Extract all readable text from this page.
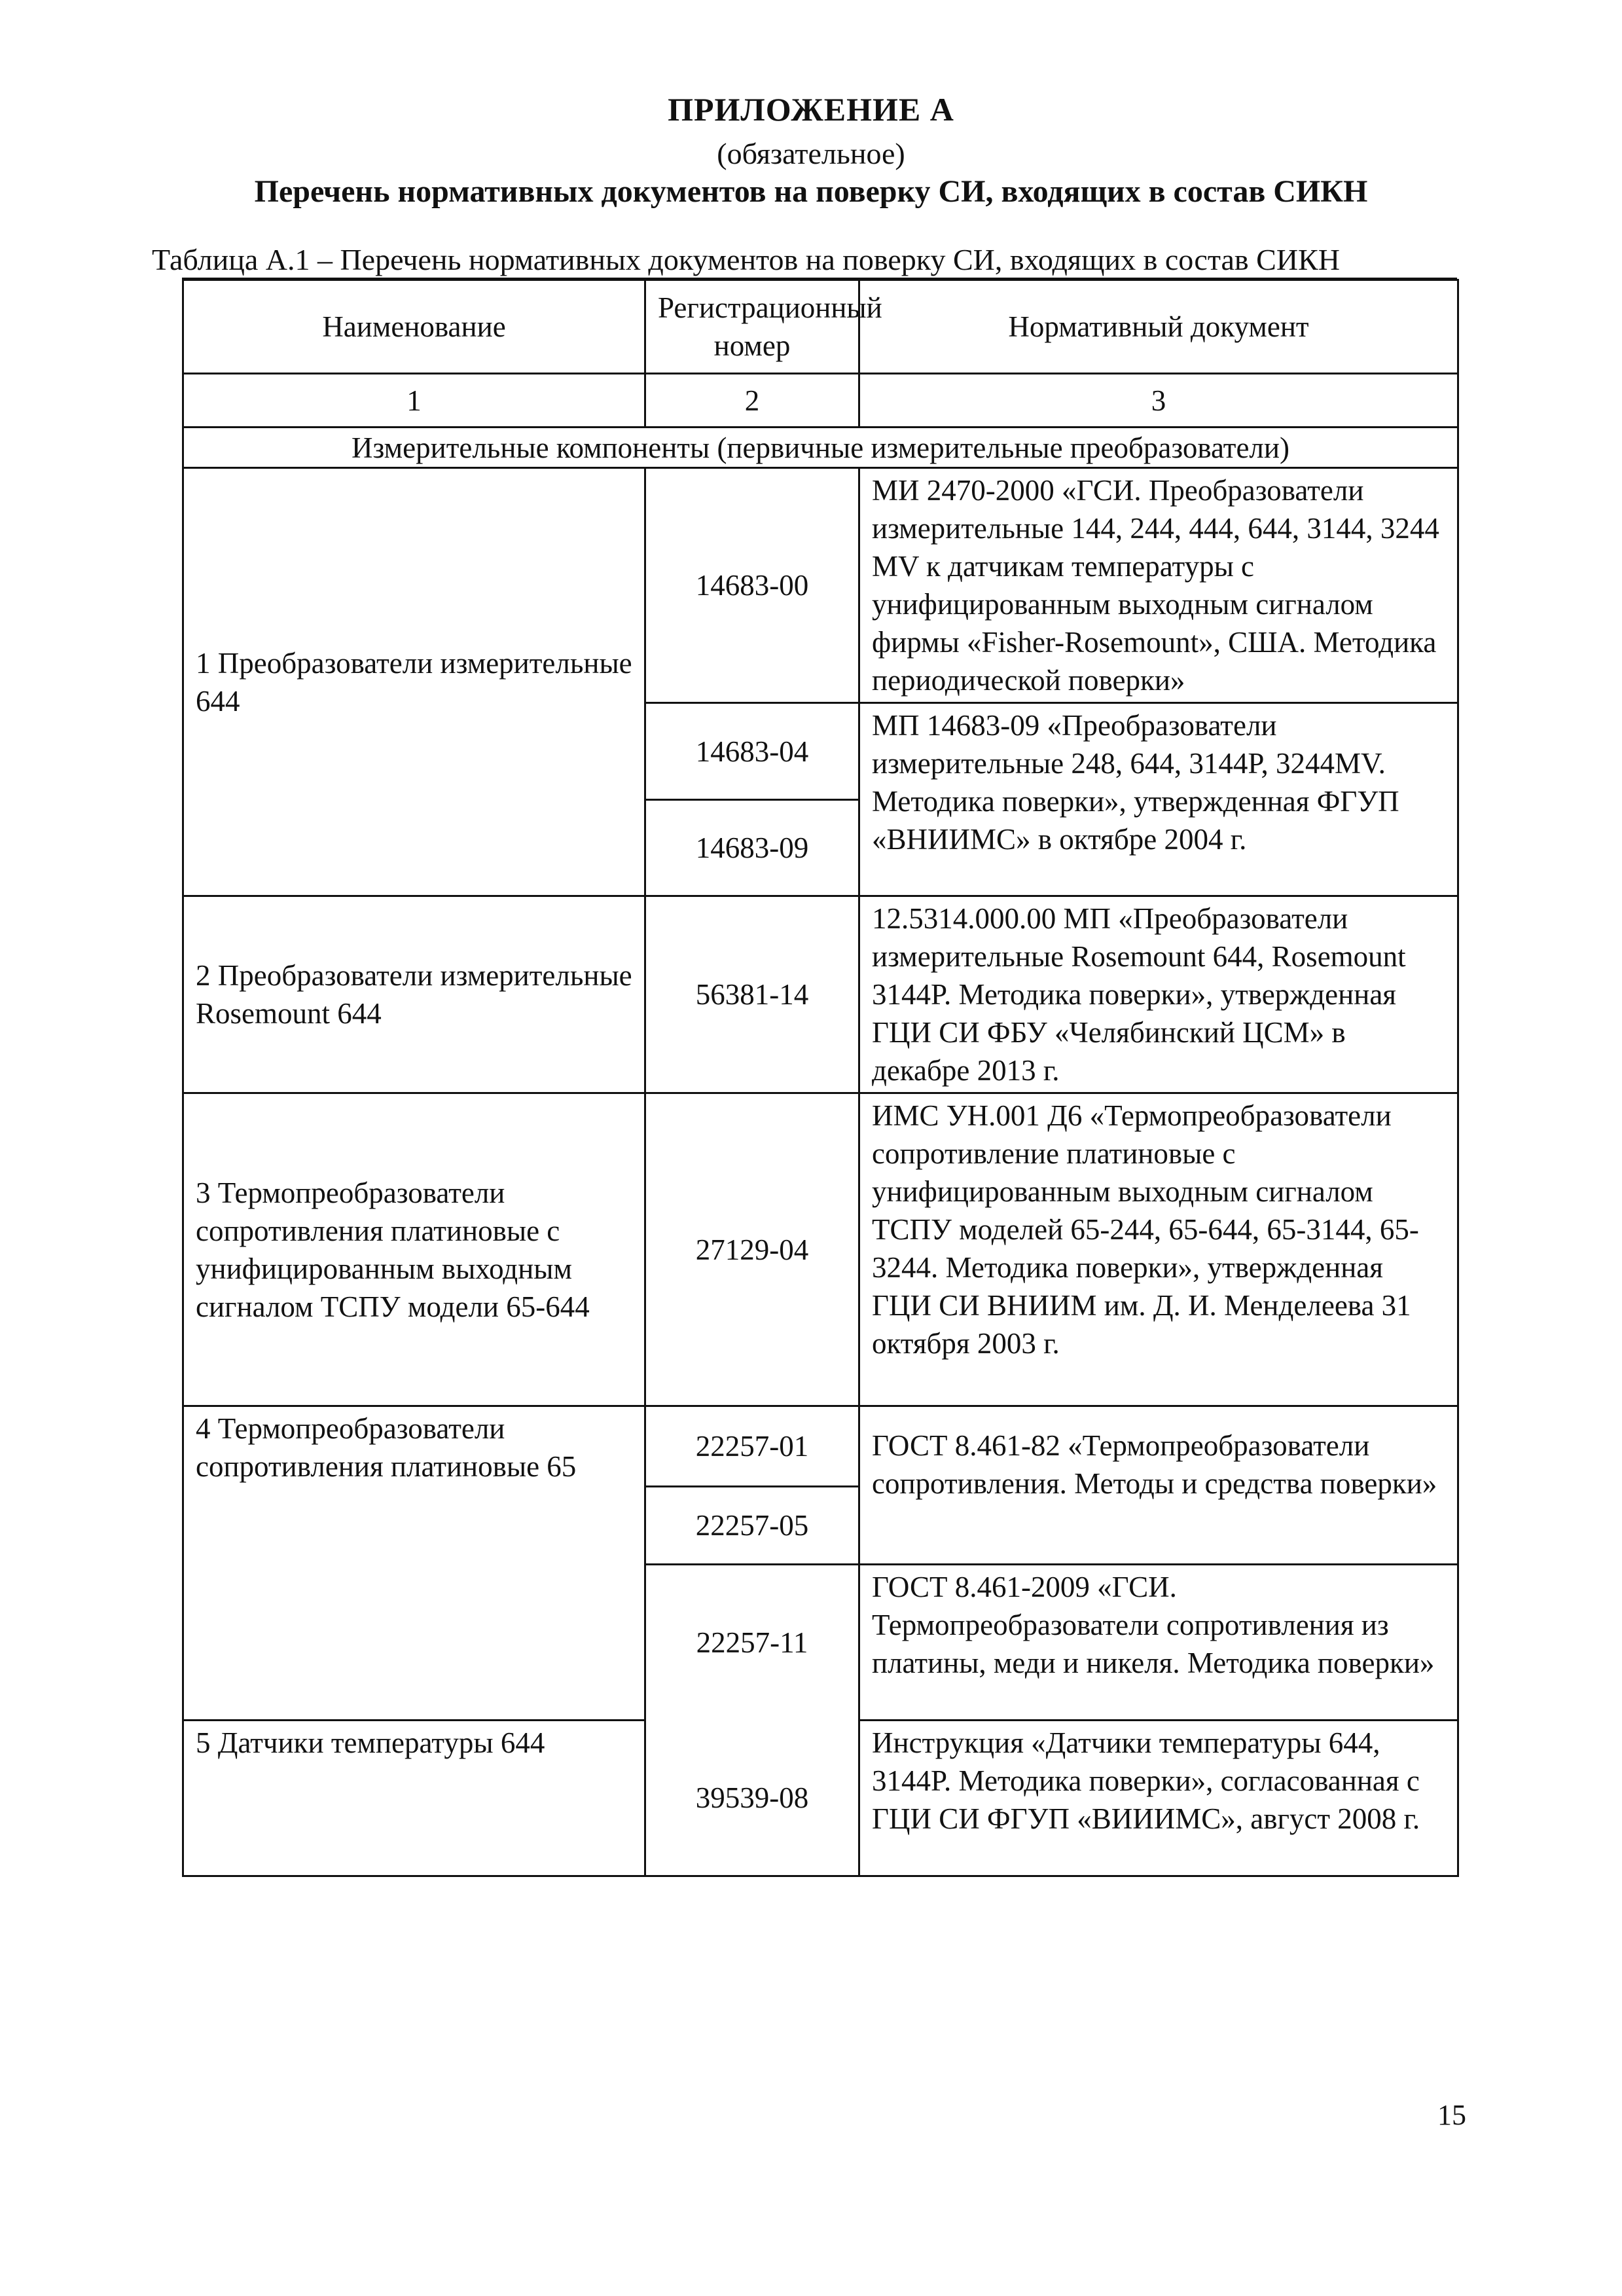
ПРИЛОЖЕНИЕ А
(обязательное)
Перечень нормативных документов на поверку СИ, входящих в состав СИКН
Таблица А.1 – Перечень нормативных документов на поверку СИ, входящих в состав СИКН
Наименование	Регистрационный номер	Нормативный документ
1	2	3
Измерительные компоненты (первичные измерительные преобразователи)		
1 Преобразователи измерительные 644	14683-00	МИ 2470-2000 «ГСИ. Преобразователи измерительные 144, 244, 444, 644, 3144, 3244 MV к датчикам температуры с унифицированным выходным сигналом фирмы «Fisher-Rosemount», США. Методика периодической поверки»
	14683-04	МП 14683-09 «Преобразователи измерительные 248, 644, 3144P, 3244MV. Методика поверки», утвержденная ФГУП «ВНИИМС» в октябре 2004 г.
	14683-09	
2 Преобразователи измерительные Rosemount 644	56381-14	12.5314.000.00 МП «Преобразователи измерительные Rosemount 644, Rosemount 3144P. Методика поверки», утвержденная ГЦИ СИ ФБУ «Челябинский ЦСМ» в декабре 2013 г.
3 Термопреобразователи сопротивления платиновые с унифицированным выходным сигналом ТСПУ модели 65-644	27129-04	ИМС УН.001 Д6 «Термопреобразователи сопротивление платиновые с унифицированным выходным сигналом ТСПУ моделей 65-244, 65-644, 65-3144, 65-3244. Методика поверки», утвержденная ГЦИ СИ ВНИИМ им. Д. И. Менделеева 31 октября 2003 г.
4 Термопреобразователи сопротивления платиновые 65	22257-01	ГОСТ 8.461-82 «Термопреобразователи сопротивления. Методы и средства поверки»
	22257-05	
	22257-11	ГОСТ 8.461-2009 «ГСИ. Термопреобразователи сопротивления из платины, меди и никеля. Методика поверки»
5 Датчики температуры 644	39539-08	Инструкция «Датчики температуры 644, 3144P. Методика поверки», согласованная с ГЦИ СИ ФГУП «ВИИИМС», август 2008 г.
15
